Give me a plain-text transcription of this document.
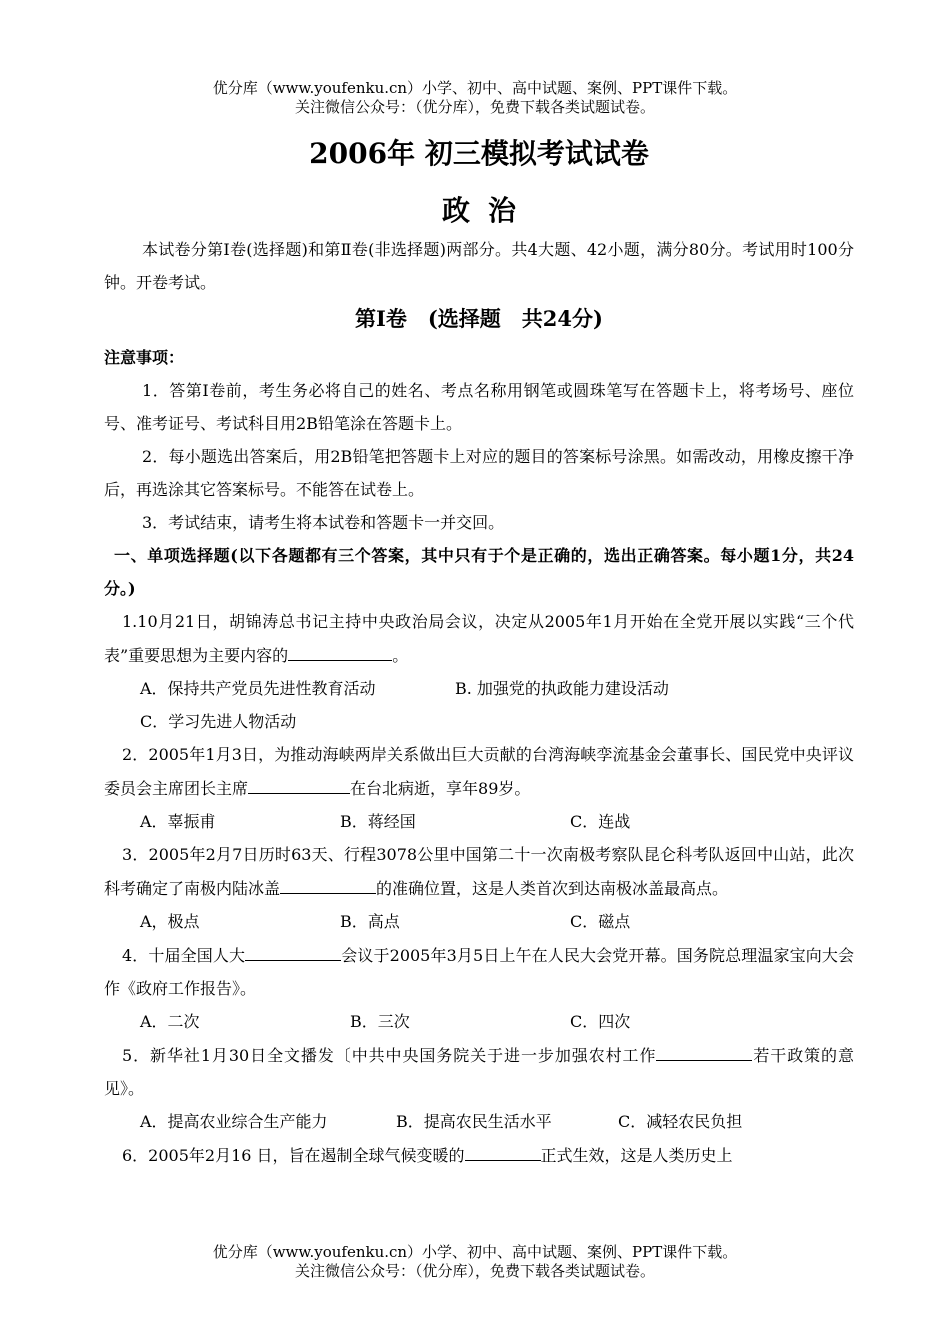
优分库（www.youfenku.cn）小学、初中、高中试题、案例、PPT课件下载。
关注微信公众号：（优分库），免费下载各类试题试卷。
2006年 初三模拟考试试卷
政治

本试卷分第Ⅰ卷(选择题)和第Ⅱ卷(非选择题)两部分。共4大题、42小题，满分80分。考试用时100分钟。开卷考试。

第Ⅰ卷　(选择题　共24分)

注意事项：

1．答第Ⅰ卷前，考生务必将自己的姓名、考点名称用钢笔或圆珠笔写在答题卡上，将考场号、座位号、准考证号、考试科目用2B铅笔涂在答题卡上。

2．每小题选出答案后，用2B铅笔把答题卡上对应的题目的答案标号涂黑。如需改动，用橡皮擦干净后，再选涂其它答案标号。不能答在试卷上。

3．考试结束，请考生将本试卷和答题卡一并交回。

一、单项选择题(以下各题都有三个答案，其中只有于个是正确的，选出正确答案。每小题1分，共24分。)

1.10月21日，胡锦涛总书记主持中央政治局会议，决定从2005年1月开始在全党开展以实践“三个代表”重要思想为主要内容的	。

A．保持共产党员先进性教育活动	B. 加强党的执政能力建设活动
C．学习先进人物活动

2．2005年1月3日，为推动海峡两岸关系做出巨大贡献的台湾海峡孪流基金会董事长、国民党中央评议委员会主席团长主席	在台北病逝，享年89岁。

A．辜振甫	B．蒋经国	C．连战

3．2005年2月7日历时63天、行程3078公里中国第二十一次南极考察队昆仑科考队返回中山站，此次科考确定了南极内陆冰盖	的准确位置，这是人类首次到达南极冰盖最高点。

A，极点	B．高点	C．磁点

4．十届全国人大	会议于2005年3月5日上午在人民大会党开幕。国务院总理温家宝向大会作《政府工作报告》。

A．二次	B．三次	C．四次

5．新华社1月30日全文播发〔中共中央国务院关于进一步加强农村工作	若干政策的意见》。

A．提高农业综合生产能力	B．提高农民生活水平	C．减轻农民负担

6．2005年2月16 日，旨在遏制全球气候变暖的	正式生效，这是人类历史上

优分库（www.youfenku.cn）小学、初中、高中试题、案例、PPT课件下载。
关注微信公众号：（优分库），免费下载各类试题试卷。
